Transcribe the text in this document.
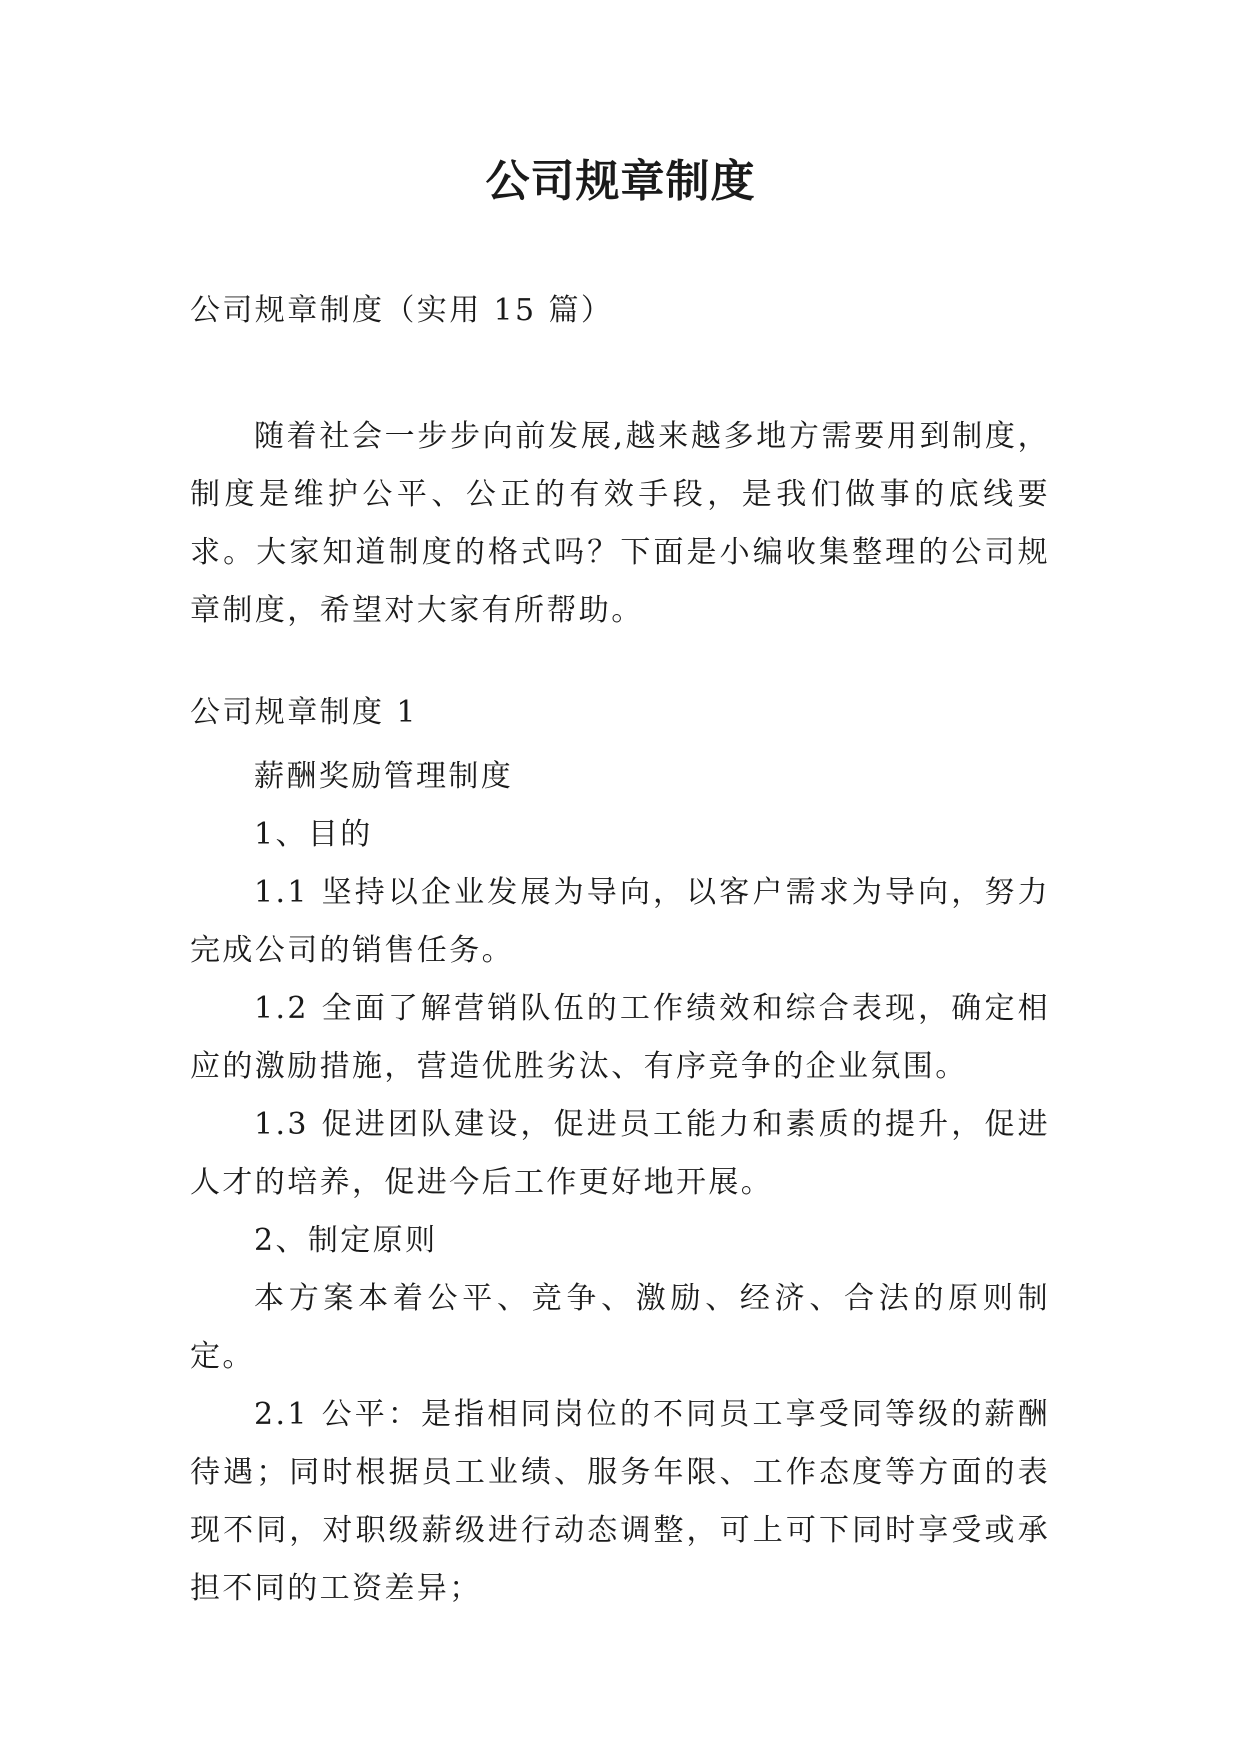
公司规章制度

公司规章制度（实用 15 篇）

随着社会一步步向前发展,越来越多地方需要用到制度，制度是维护公平、公正的有效手段，是我们做事的底线要求。大家知道制度的格式吗？下面是小编收集整理的公司规章制度，希望对大家有所帮助。

公司规章制度 1

薪酬奖励管理制度

1、目的

1.1 坚持以企业发展为导向，以客户需求为导向，努力完成公司的销售任务。

1.2 全面了解营销队伍的工作绩效和综合表现，确定相应的激励措施，营造优胜劣汰、有序竞争的企业氛围。

1.3 促进团队建设，促进员工能力和素质的提升，促进人才的培养，促进今后工作更好地开展。

2、制定原则

本方案本着公平、竞争、激励、经济、合法的原则制定。

2.1 公平：是指相同岗位的不同员工享受同等级的薪酬待遇；同时根据员工业绩、服务年限、工作态度等方面的表现不同，对职级薪级进行动态调整，可上可下同时享受或承担不同的工资差异；
